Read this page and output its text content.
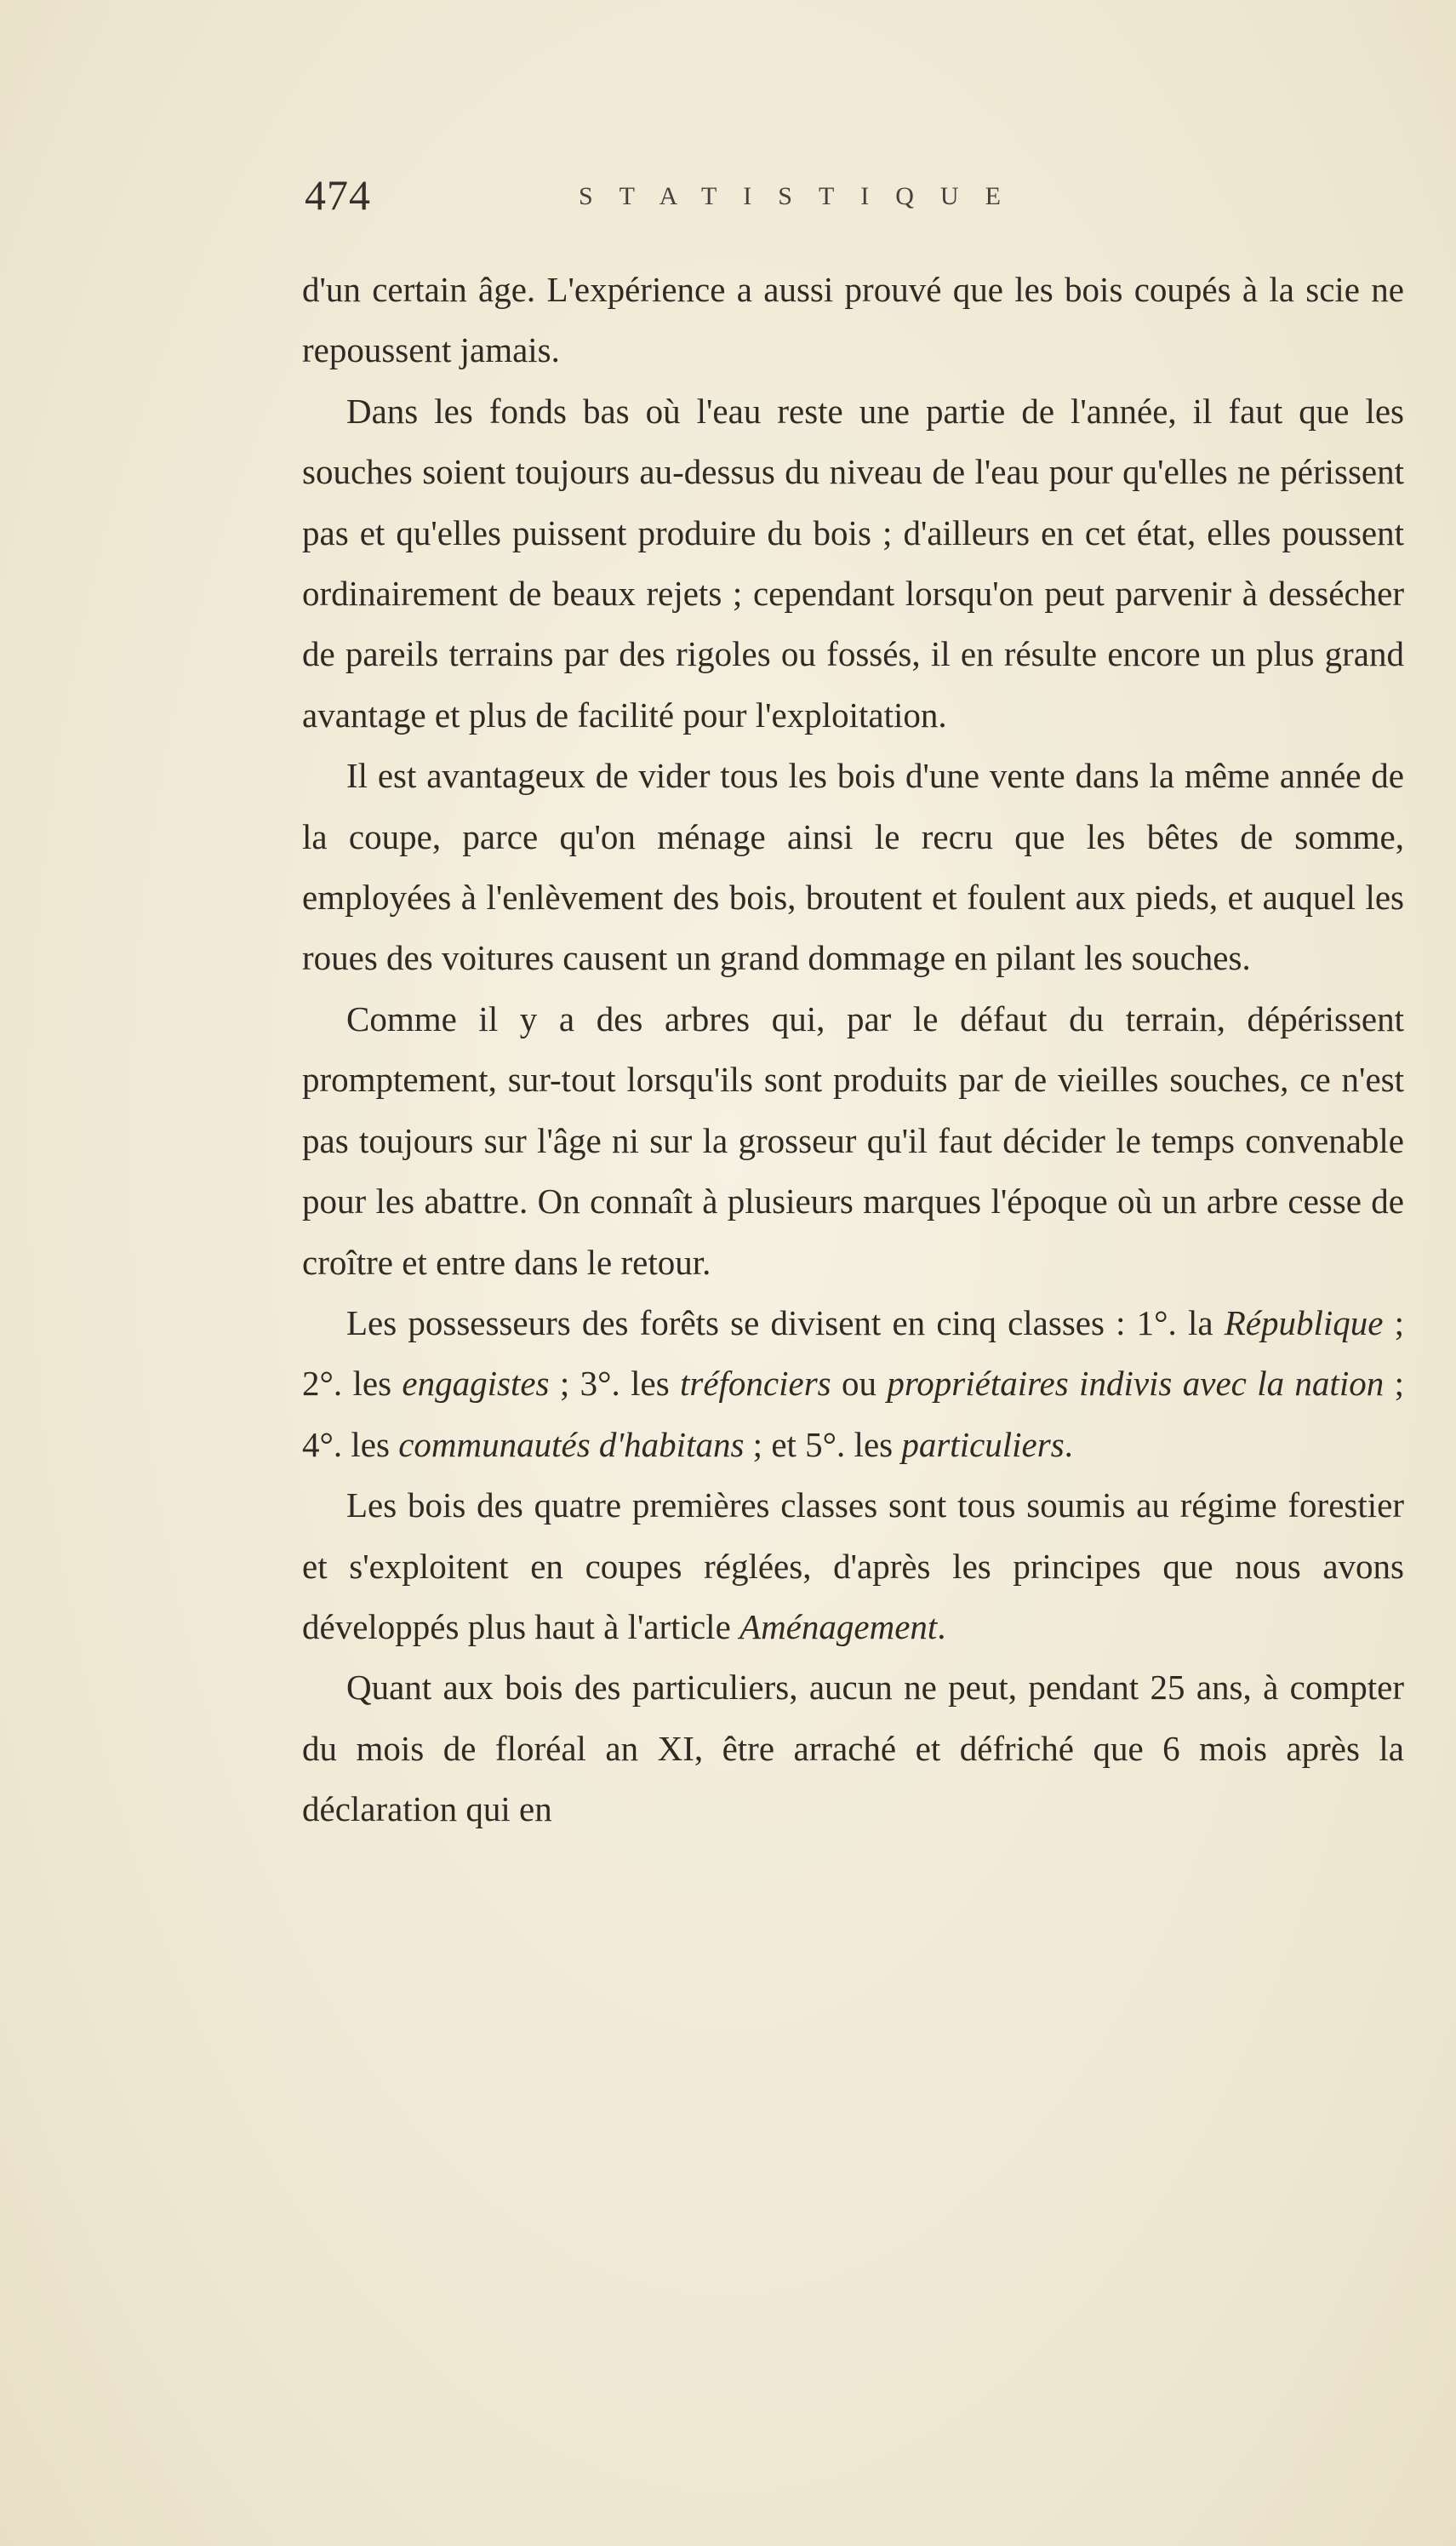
474	STATISTIQUE

d'un certain âge. L'expérience a aussi prouvé que les bois coupés à la scie ne repoussent jamais.

Dans les fonds bas où l'eau reste une partie de l'année, il faut que les souches soient toujours au-dessus du niveau de l'eau pour qu'elles ne périssent pas et qu'elles puissent produire du bois ; d'ailleurs en cet état, elles poussent ordinairement de beaux rejets ; cependant lorsqu'on peut parvenir à dessécher de pareils terrains par des rigoles ou fossés, il en résulte encore un plus grand avantage et plus de facilité pour l'exploitation.

Il est avantageux de vider tous les bois d'une vente dans la même année de la coupe, parce qu'on ménage ainsi le recru que les bêtes de somme, employées à l'enlèvement des bois, broutent et foulent aux pieds, et auquel les roues des voitures causent un grand dommage en pilant les souches.

Comme il y a des arbres qui, par le défaut du terrain, dépérissent promptement, sur-tout lorsqu'ils sont produits par de vieilles souches, ce n'est pas toujours sur l'âge ni sur la grosseur qu'il faut décider le temps convenable pour les abattre. On connaît à plusieurs marques l'époque où un arbre cesse de croître et entre dans le retour.

Les possesseurs des forêts se divisent en cinq classes : 1°. la République ; 2°. les engagistes ; 3°. les tréfonciers ou propriétaires indivis avec la nation ; 4°. les communautés d'habitans ; et 5°. les particuliers.

Les bois des quatre premières classes sont tous soumis au régime forestier et s'exploitent en coupes réglées, d'après les principes que nous avons développés plus haut à l'article Aménagement.

Quant aux bois des particuliers, aucun ne peut, pendant 25 ans, à compter du mois de floréal an XI, être arraché et défriché que 6 mois après la déclaration qui en
